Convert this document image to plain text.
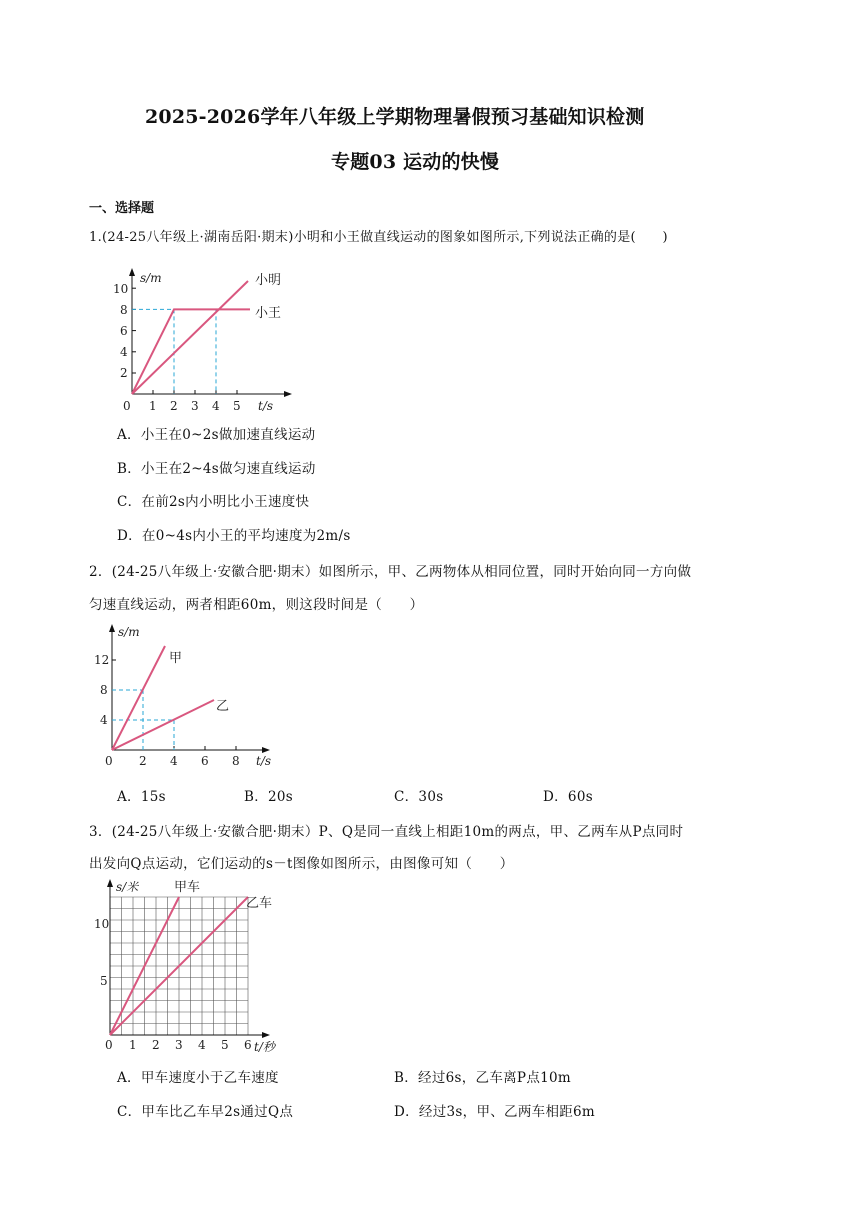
2025-2026学年八年级上学期物理暑假预习基础知识检测
专题03 运动的快慢
一、选择题
1.(24-25八年级上·湖南岳阳·期末)小明和小王做直线运动的图象如图所示,下列说法正确的是(　　)
2
4
6
8
10
0 1 2 3 4 5
s/m
t/s
小明
小王
A．小王在0~2s做加速直线运动
B．小王在2~4s做匀速直线运动
C．在前2s内小明比小王速度快
D．在0~4s内小王的平均速度为2m/s
2．(24-25八年级上·安徽合肥·期末）如图所示，甲、乙两物体从相同位置，同时开始向同一方向做
匀速直线运动，两者相距60m，则这段时间是（　　）
4
8
12
0 2 4 6 8
s/m
t/s
甲
乙
A．15s	B．20s	C．30s	D．60s
3．(24-25八年级上·安徽合肥·期末）P、Q是同一直线上相距10m的两点，甲、乙两车从P点同时
出发向Q点运动，它们运动的s－t图像如图所示，由图像可知（　　）
5
10
0 1 2 3 4 5 6
s/米
t/秒
甲车
乙车
A．甲车速度小于乙车速度	B．经过6s，乙车离P点10m
C．甲车比乙车早2s通过Q点	D．经过3s，甲、乙两车相距6m
